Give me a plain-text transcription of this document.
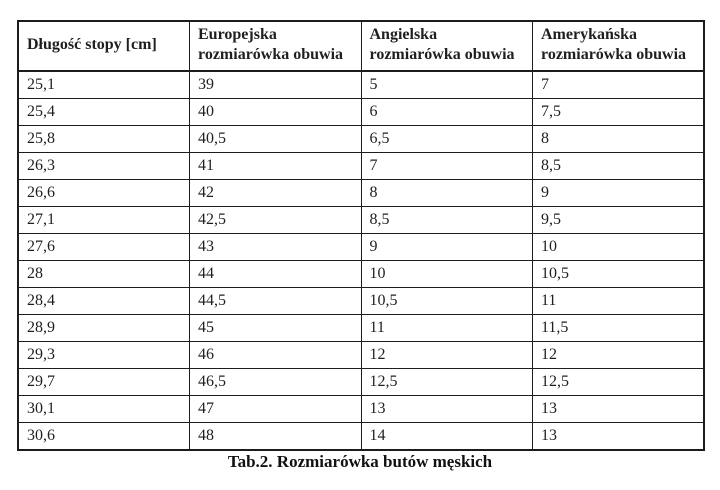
Długość stopy [cm]	Europejska rozmiarówka obuwia	Angielska rozmiarówka obuwia	Amerykańska rozmiarówka obuwia
25,1	39	5	7
25,4	40	6	7,5
25,8	40,5	6,5	8
26,3	41	7	8,5
26,6	42	8	9
27,1	42,5	8,5	9,5
27,6	43	9	10
28	44	10	10,5
28,4	44,5	10,5	11
28,9	45	11	11,5
29,3	46	12	12
29,7	46,5	12,5	12,5
30,1	47	13	13
30,6	48	14	13
Tab.2. Rozmiarówka butów męskich
